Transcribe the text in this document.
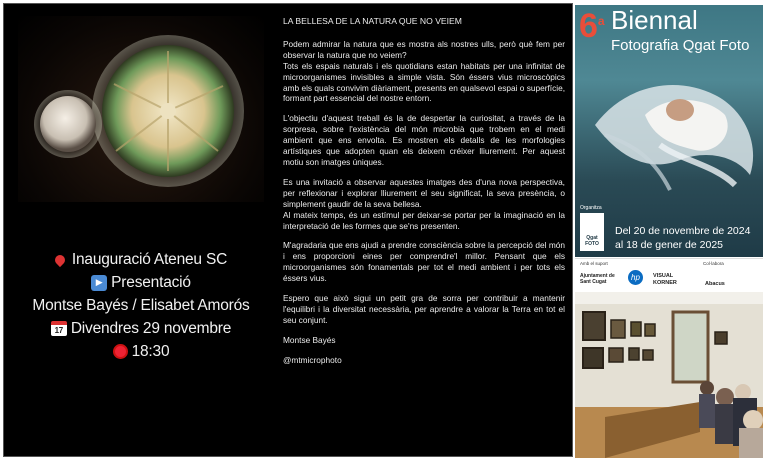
Inauguració Ateneu SC
▶ Presentació
Montse Bayés / Elisabet Amorós
17 Divendres 29 novembre
18:30

LA BELLESA DE LA NATURA QUE NO VEIEM

Podem admirar la natura que es mostra als nostres ulls, però què fem per observar la natura que no veiem?

Tots els espais naturals i els quotidians estan habitats per una infinitat de microorganismes invisibles a simple vista. Són éssers vius microscòpics amb els quals convivim diàriament, presents en qualsevol espai o superfície, formant part essencial del nostre entorn.

L'objectiu d'aquest treball és la de despertar la curiositat, a través de la sorpresa, sobre l'existència del món microbià que trobem en el medi ambient que ens envolta. Es mostren els detalls de les morfologies artístiques que adopten quan els deixem créixer lliurement. Per aquest motiu son imatges úniques.

Es una invitació a observar aquestes imatges des d'una nova perspectiva, per reflexionar i explorar lliurement el seu significat, la seva presència, o simplement gaudir de la seva bellesa.
Al mateix temps, és un estímul per deixar-se portar per la imaginació en la interpretació de les formes que se'ns presenten.

M'agradaria que ens ajudi a prendre consciència sobre la percepció del món i ens proporcioni eines per comprendre'l millor. Pensant que els microorganismes són fonamentals per tot el medi ambient i per tots els éssers vius.

Espero que això sigui un petit gra de sorra per contribuir a mantenir l'equilibri i la diversitat necessària, per aprendre a valorar la Terra en tot el seu conjunt.

Montse Bayés

@mtmicrophoto

6$^a$ Biennal
Fotografia Qgat Foto
Organitza
Qgat FOTO
Del 20 de novembre de 2024
al 18 de gener de 2025
Amb el suport	Col·labora
Ajuntament de Sant Cugat	hp	VISUAL KORNER	Abacus
